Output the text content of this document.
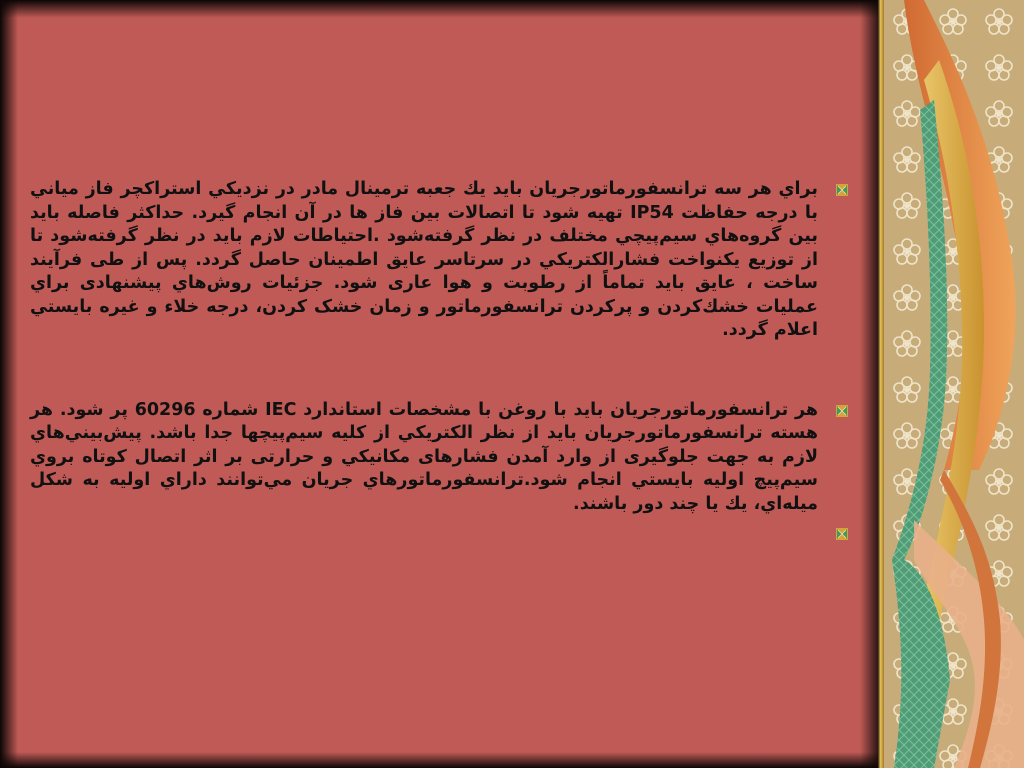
براي هر سه ترانسفورماتورجريان بايد يك جعبه ترمينال مادر در نزديكي استراكچر فاز مياني با درجه حفاظت IP54 تهيه شود تا اتصالات بين فاز ها در آن انجام گيرد. حداكثر فاصله بايد بين گروه‌هاي سيم‌پيچي مختلف در نظر گرفته‌شود .احتياطات لازم بايد در نظر گرفته‌شود تا از توزيع يكنواخت فشارالكتريكي در سرتاسر عايق اطمينان حاصل گردد. پس از طی فرآيند ساخت ، عايق بايد تماماً از رطوبت و هوا عاری شود. جزئيات روش‌هاي پيشنهادی براي عمليات خشك‌كردن و پركردن ترانسفورماتور و زمان خشک كردن، درجه خلاء و غيره بايستي اعلام گردد.
هر ترانسفورماتورجريان بايد با روغن با مشخصات استاندارد IEC شماره 60296 پر شود. هر هسته ترانسفورماتورجريان بايد از نظر الكتريكي از كليه سيم‌پيچها جدا باشد. پيش‌بيني‌هاي لازم به جهت جلوگيری از وارد آمدن فشارهای مكانيكي و حرارتی بر اثر اتصال كوتاه بروي سيم‌پيچ اوليه بايستي انجام شود.ترانسفورماتورهاي جريان مي‌توانند داراي اوليه به شكل ميله‌اي، يك يا چند دور باشند.
